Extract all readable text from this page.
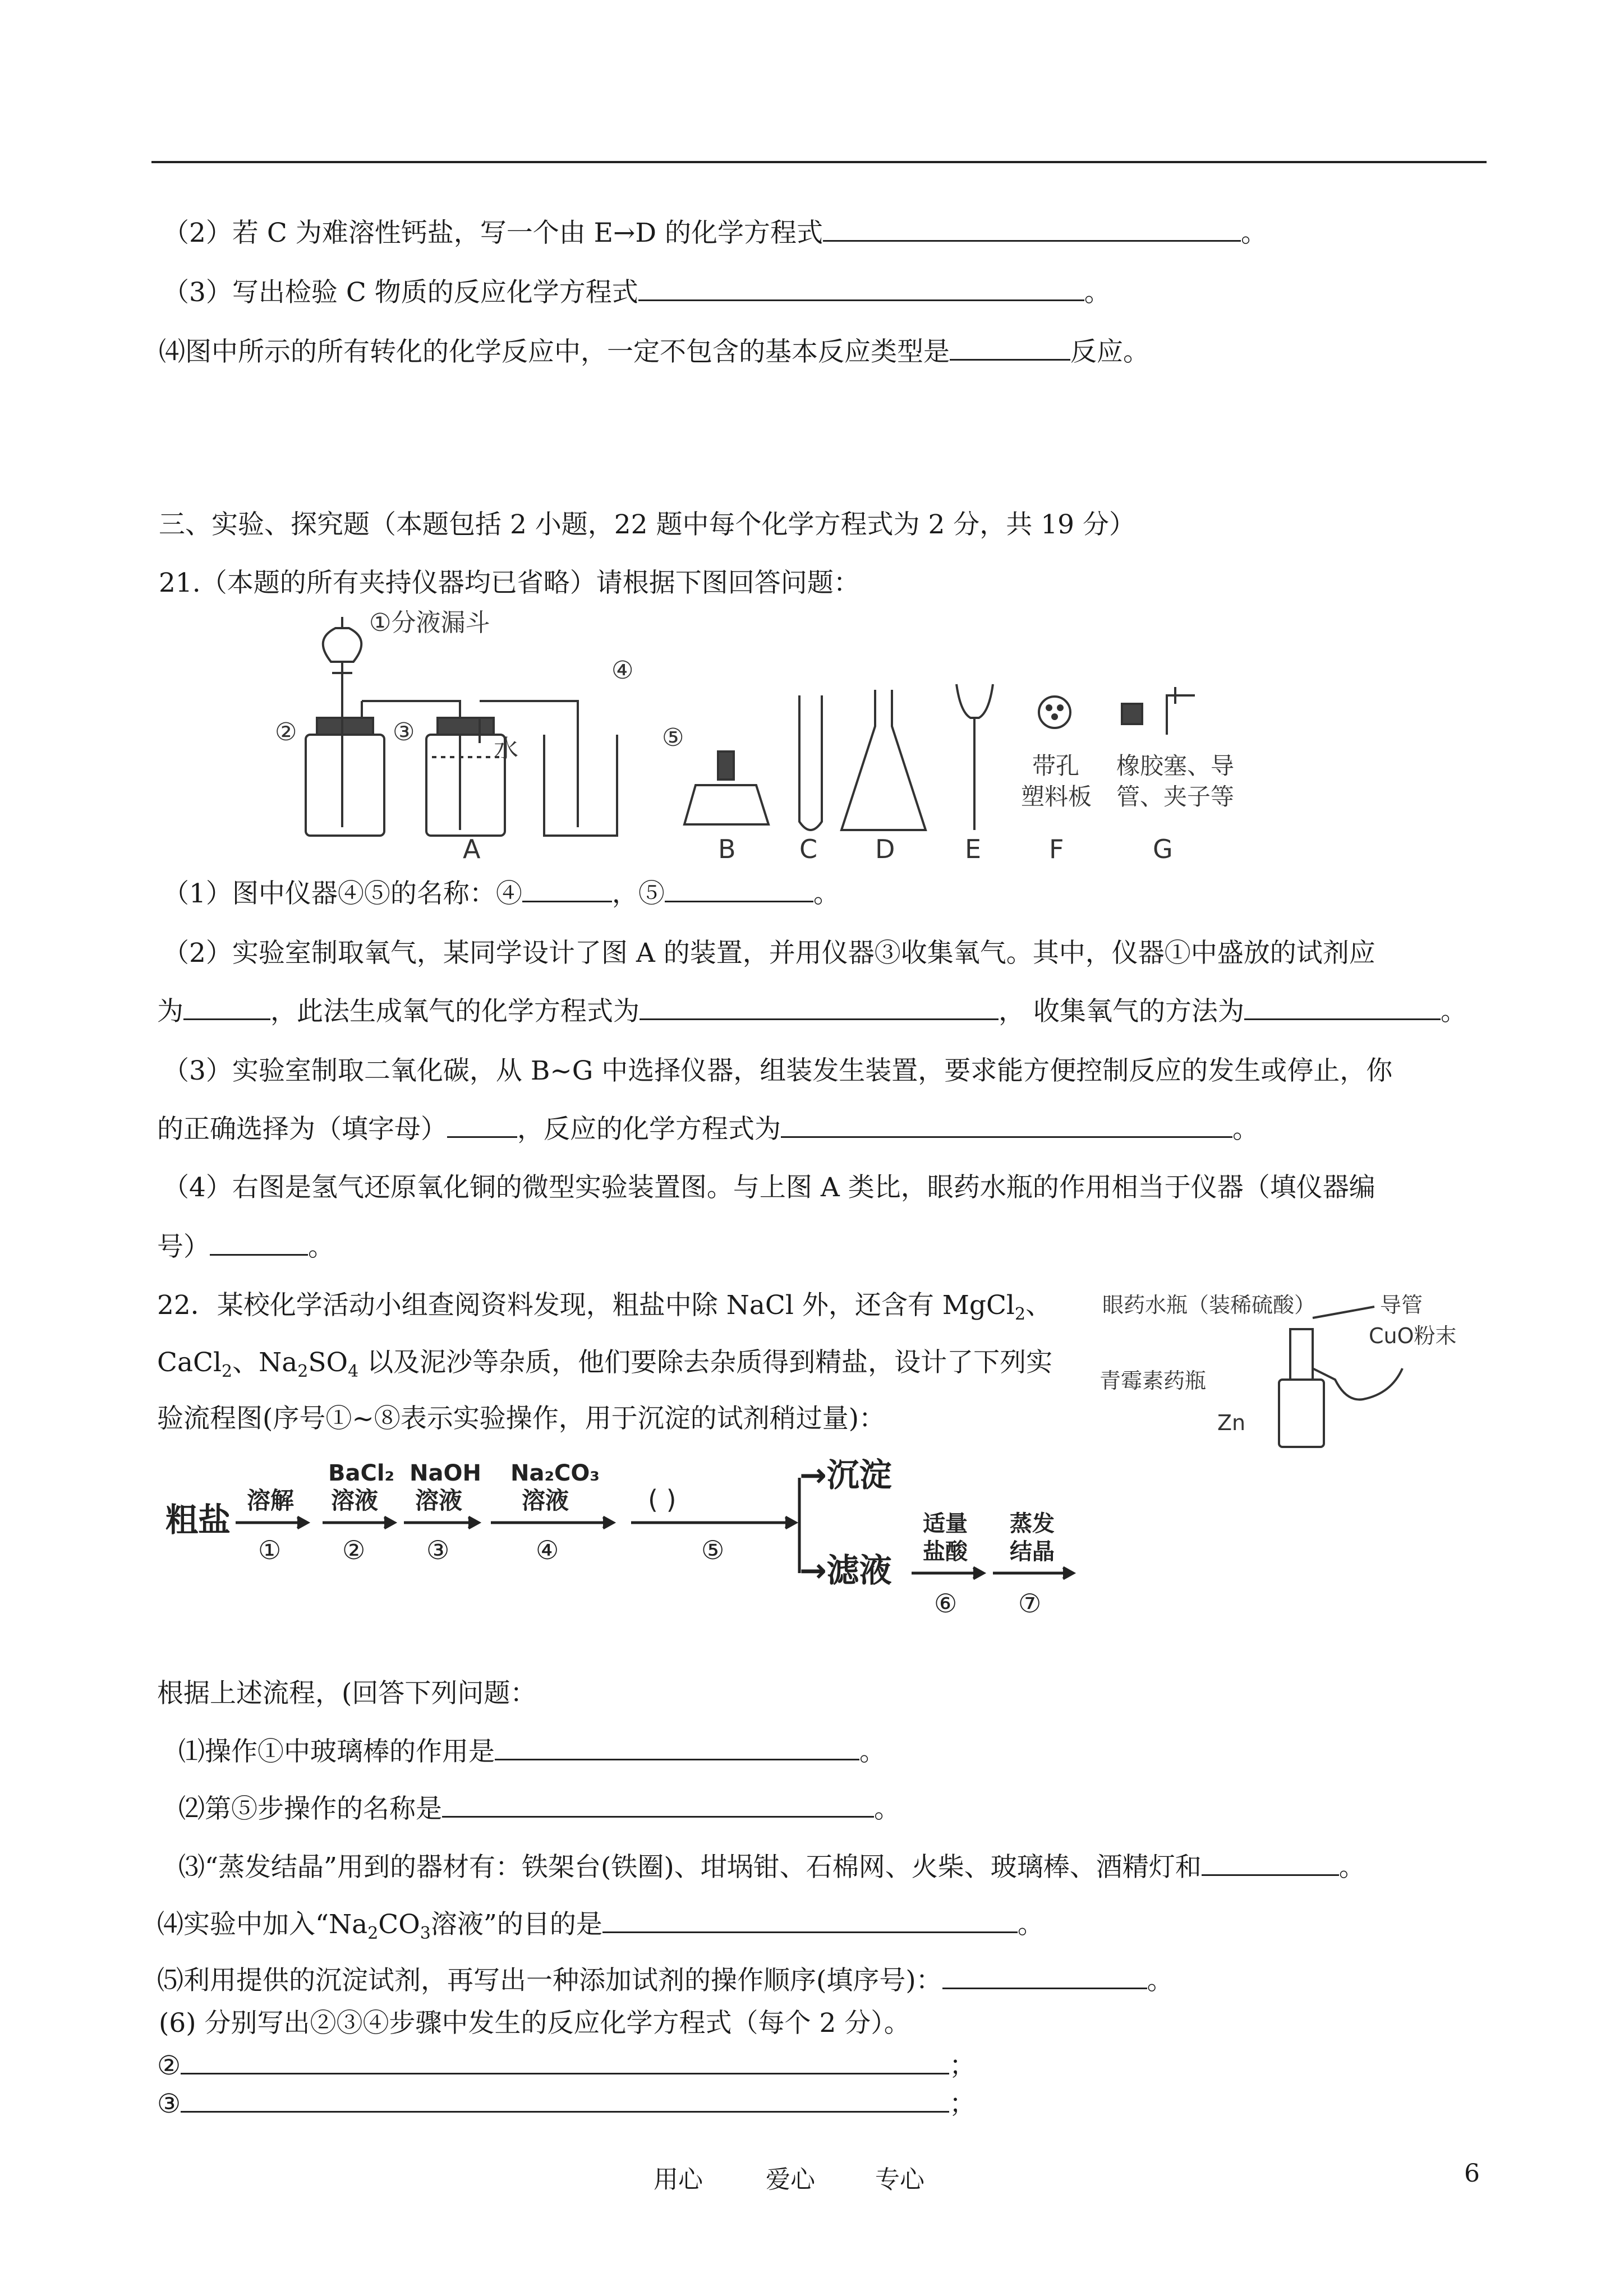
（2）若 C 为难溶性钙盐，写一个由 E→D 的化学方程式	。
（3）写出检验 C 物质的反应化学方程式	。
⑷图中所示的所有转化的化学反应中，一定不包含的基本反应类型是	反应。
三、实验、探究题（本题包括 2 小题，22 题中每个化学方程式为 2 分，共 19 分）
21.（本题的所有夹持仪器均已省略）请根据下图回答问题：
①分液漏斗
②	③
水
④
A
⑤
B C D	E
带孔
塑料板
F
橡胶塞、导
管、夹子等
G
（1）图中仪器④⑤的名称：④	，⑤	。
（2）实验室制取氧气，某同学设计了图 A 的装置，并用仪器③收集氧气。其中，仪器①中盛放的试剂应
为	，此法生成氧气的化学方程式为	， 收集氧气的方法为	。
（3）实验室制取二氧化碳，从 B~G 中选择仪器，组装发生装置，要求能方便控制反应的发生或停止，你
的正确选择为（填字母）	，反应的化学方程式为	。
（4）右图是氢气还原氧化铜的微型实验装置图。与上图 A 类比，眼药水瓶的作用相当于仪器（填仪器编
号）	。
22．某校化学活动小组查阅资料发现，粗盐中除 NaCl 外，还含有 MgCl$_2$、
CaCl$_2$、$Na_2SO_4$ 以及泥沙等杂质，他们要除去杂质得到精盐，设计了下列实
验流程图(序号①~⑧表示实验操作，用于沉淀的试剂稍过量)：
眼药水瓶（装稀硫酸）	导管
CuO粉末
青霉素药瓶
Zn
粗盐
溶解
①
BaCl₂
溶液
②
NaOH
溶液
③
Na₂CO₃
溶液
④
( )
⑤
→沉淀
→滤液
适量
盐酸
⑥
蒸发
结晶
⑦
根据上述流程，(回答下列问题：
⑴操作①中玻璃棒的作用是	。
⑵第⑤步操作的名称是	。
⑶“蒸发结晶”用到的器材有：铁架台(铁圈)、坩埚钳、石棉网、火柴、玻璃棒、酒精灯和	。
⑷实验中加入“$Na_2CO_3$溶液”的目的是	。
⑸利用提供的沉淀试剂，再写出一种添加试剂的操作顺序(填序号)：	。
(6) 分别写出②③④步骤中发生的反应化学方程式（每个 2 分）。
②	；
③	；
用心	爱心 专心	6
